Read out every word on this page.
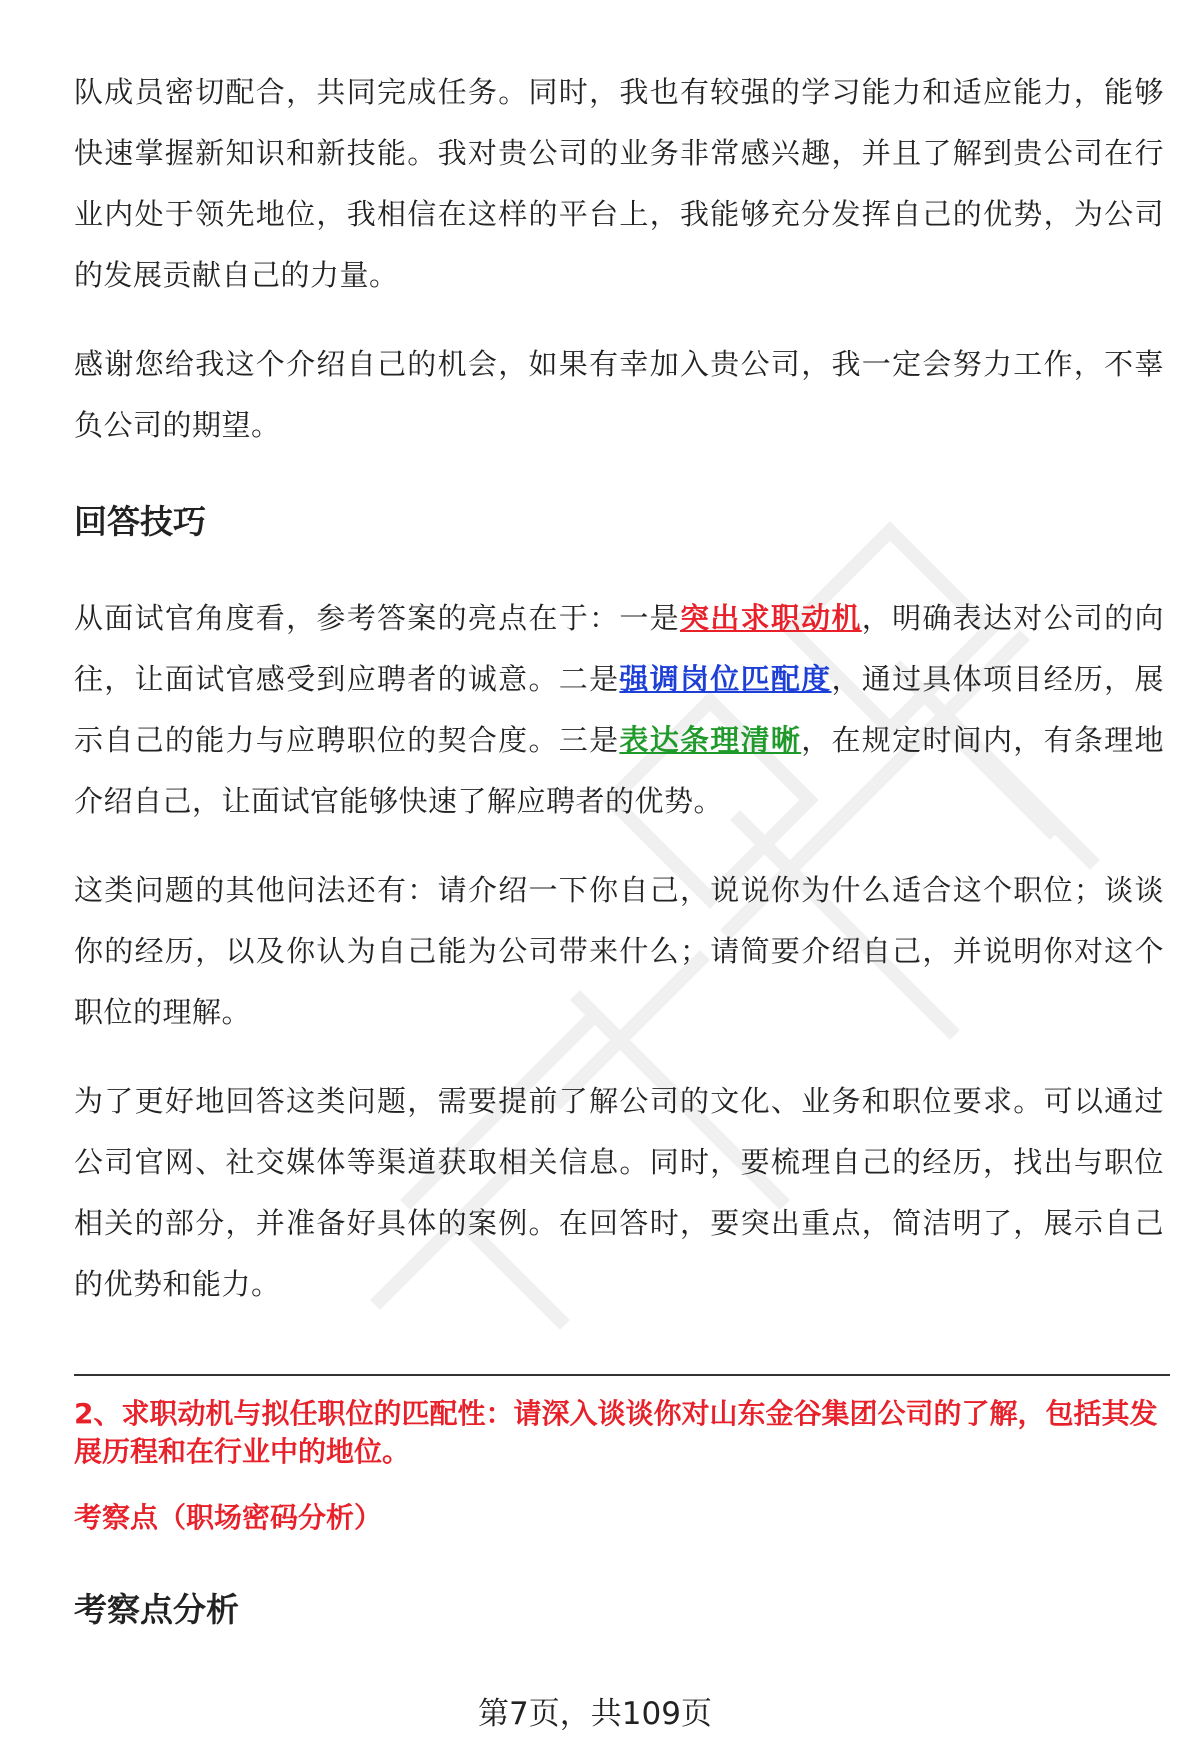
队成员密切配合，共同完成任务。同时，我也有较强的学习能力和适应能力，能够快速掌握新知识和新技能。我对贵公司的业务非常感兴趣，并且了解到贵公司在行业内处于领先地位，我相信在这样的平台上，我能够充分发挥自己的优势，为公司的发展贡献自己的力量。

感谢您给我这个介绍自己的机会，如果有幸加入贵公司，我一定会努力工作，不辜负公司的期望。

回答技巧

从面试官角度看，参考答案的亮点在于：一是突出求职动机，明确表达对公司的向往，让面试官感受到应聘者的诚意。二是强调岗位匹配度，通过具体项目经历，展示自己的能力与应聘职位的契合度。三是表达条理清晰，在规定时间内，有条理地介绍自己，让面试官能够快速了解应聘者的优势。

这类问题的其他问法还有：请介绍一下你自己，说说你为什么适合这个职位；谈谈你的经历，以及你认为自己能为公司带来什么；请简要介绍自己，并说明你对这个职位的理解。

为了更好地回答这类问题，需要提前了解公司的文化、业务和职位要求。可以通过公司官网、社交媒体等渠道获取相关信息。同时，要梳理自己的经历，找出与职位相关的部分，并准备好具体的案例。在回答时，要突出重点，简洁明了，展示自己的优势和能力。

2、求职动机与拟任职位的匹配性：请深入谈谈你对山东金谷集团公司的了解，包括其发展历程和在行业中的地位。

考察点（职场密码分析）

考察点分析

第7页，共109页
